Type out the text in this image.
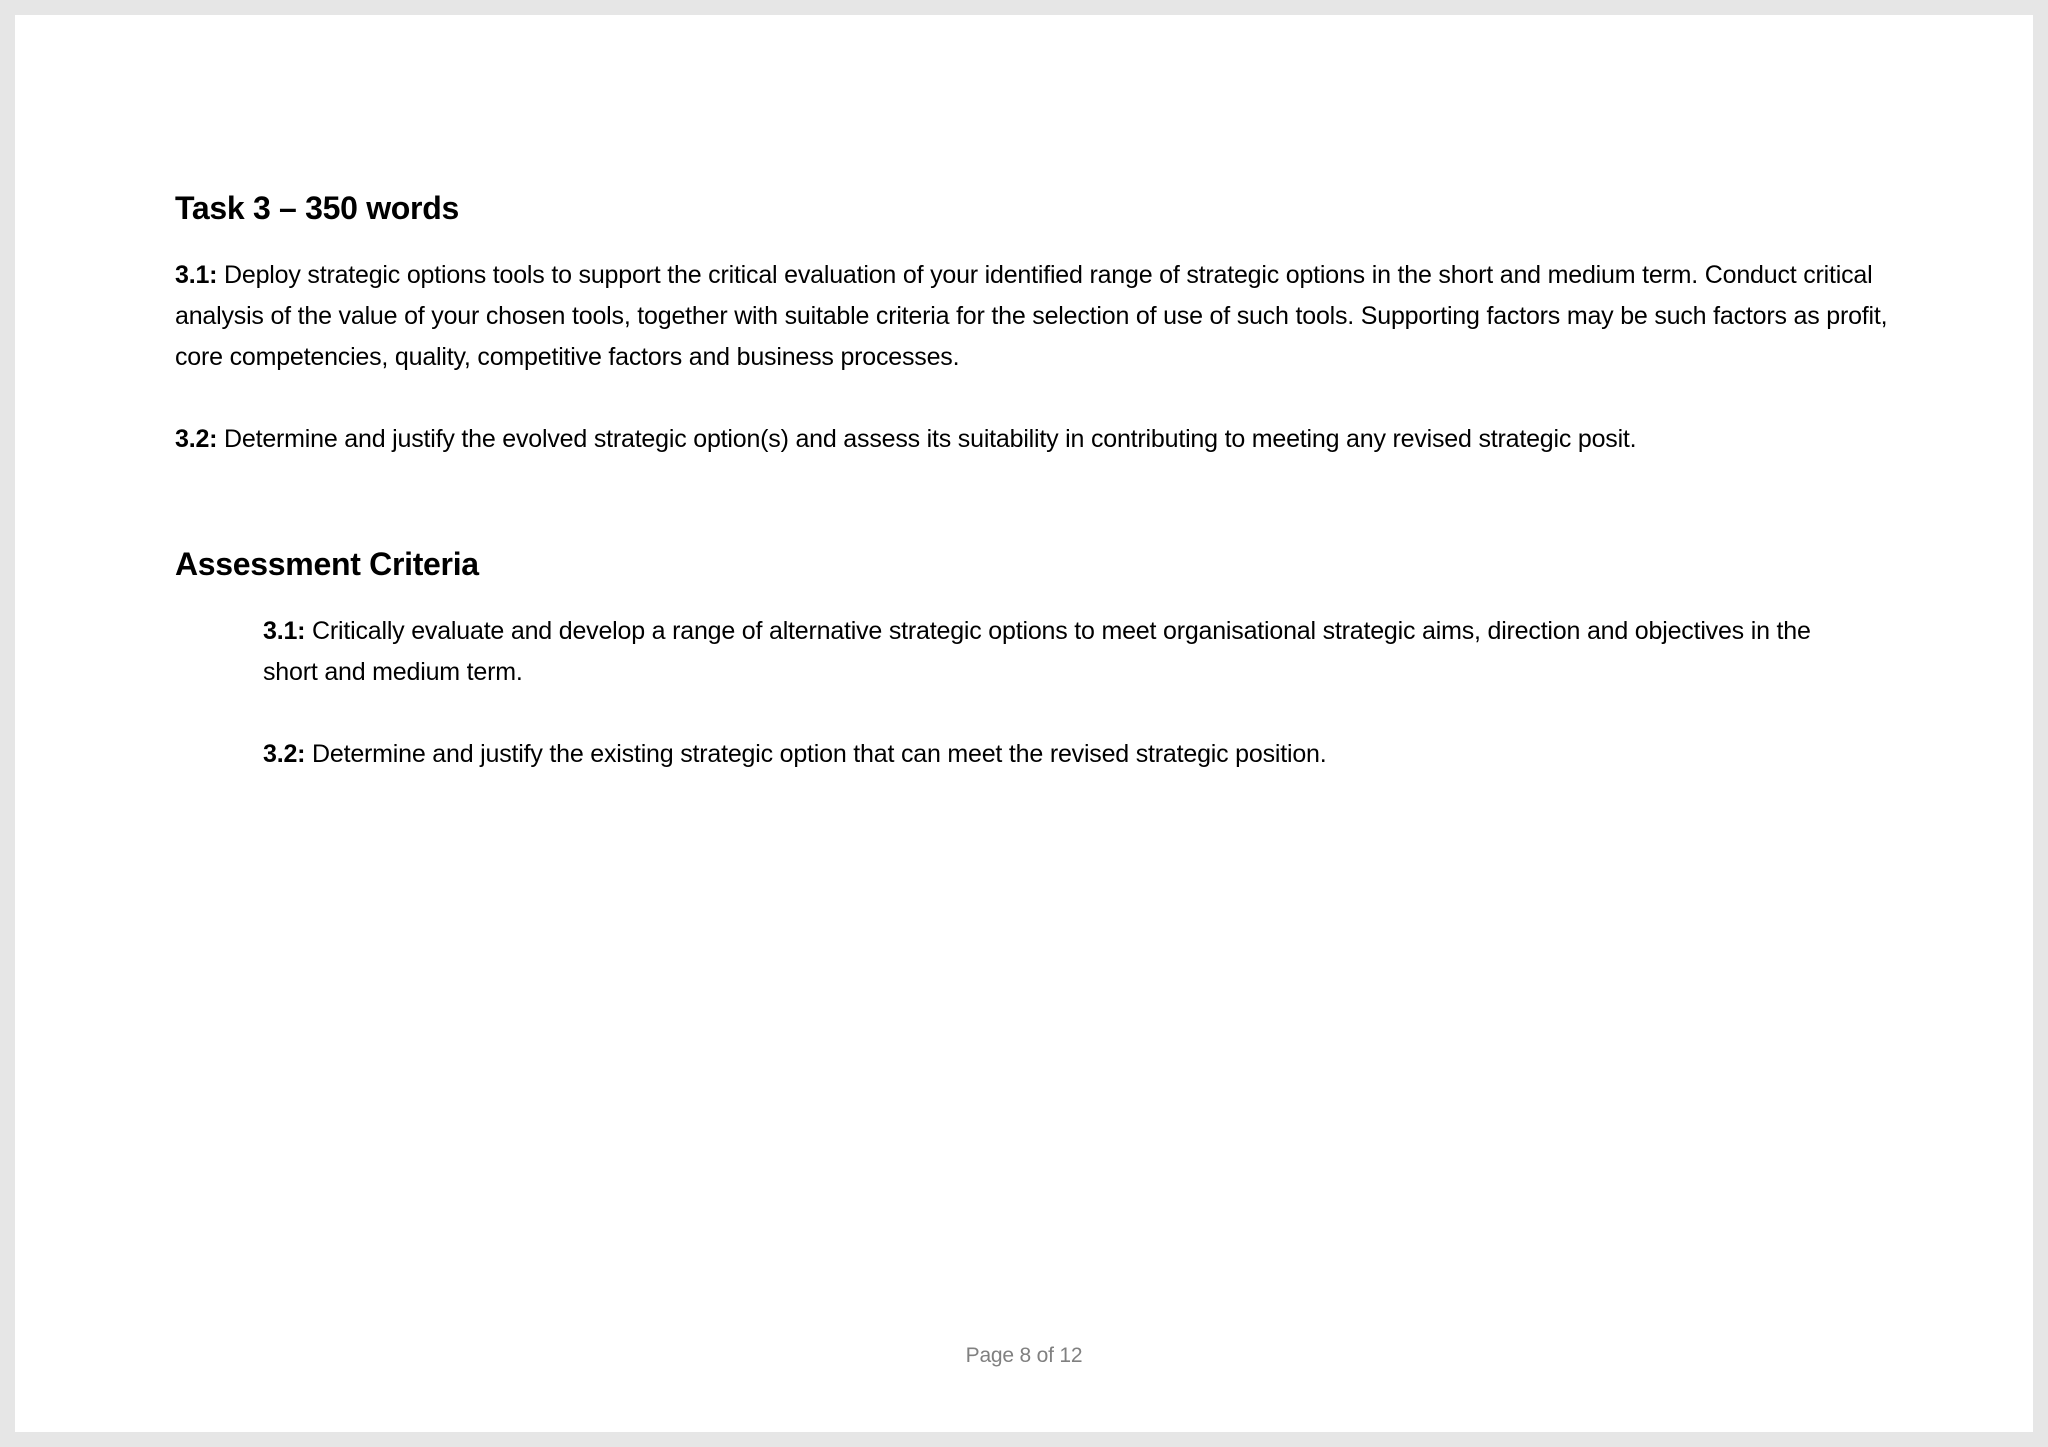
Task 3 – 350 words

3.1: Deploy strategic options tools to support the critical evaluation of your identified range of strategic options in the short and medium term. Conduct critical analysis of the value of your chosen tools, together with suitable criteria for the selection of use of such tools. Supporting factors may be such factors as profit, core competencies, quality, competitive factors and business processes.

3.2: Determine and justify the evolved strategic option(s) and assess its suitability in contributing to meeting any revised strategic posit.

Assessment Criteria

3.1: Critically evaluate and develop a range of alternative strategic options to meet organisational strategic aims, direction and objectives in the short and medium term.

3.2: Determine and justify the existing strategic option that can meet the revised strategic position.

Page 8 of 12
